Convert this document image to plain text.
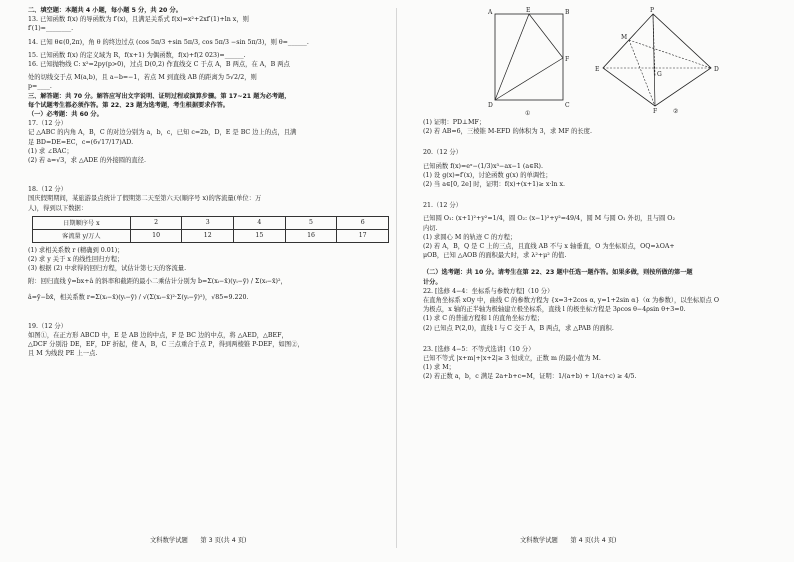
二、填空题：本题共 4 小题，每小题 5 分，共 20 分。
13. 已知函数 f(x) 的导函数为 f′(x)，且满足关系式 f(x)=x²+2xf′(1)+ln x，则
f′(1)=________.
14. 已知 θ∈(0,2π)，角 θ 的终边过点 (cos 5π/3 +sin 5π/3, cos 5π/3 −sin 5π/3)，则 θ=______.
15. 已知函数 f(x) 的定义域为 R，f(x+1) 为偶函数，f(x)+f(2 023)=______.
16. 已知抛物线 C: x²=2py(p>0)，过点 D(0,2) 作直线交 C 于点 A，B 两点，在 A，B 两点
处的切线交于点 M(a,b)，且 a−b=−1，若点 M 到直线 AB 的距离为 5√2/2，则
p=____.
三、解答题：共 70 分。解答应写出文字说明、证明过程或演算步骤。第 17~21 题为必考题，
每个试题考生都必须作答。第 22、23 题为选考题，考生根据要求作答。
（一）必考题：共 60 分。
17.（12 分）
记 △ABC 的内角 A，B，C 的对边分别为 a，b，c，已知 c=2b，D，E 是 BC 边上的点，且满
足 BD=DE=EC，c=(6√17/17)AD.
(1) 求 ∠BAC；
(2) 若 a=√3，求 △ADE 的外接圆的直径.
18.（12 分）
国庆假期期间，某旅游景点统计了假期第二天至第六天(顺序号 x)的客流量(单位：万
人)，得到以下数据：
日期顺序号 x	2	3	4	5	6
客流量 y/万人	10	12	15	16	17
(1) 求相关系数 r (精确到 0.01)；
(2) 求 y 关于 x 的线性回归方程；
(3) 根据 (2) 中求得的回归方程，试估计第七天的客流量.
附：回归直线 ŷ=b̂x+â 的斜率和截距的最小二乘估计分别为 b̂=Σ(xᵢ−x̄)(yᵢ−ȳ) / Σ(xᵢ−x̄)²，
â=ȳ−b̂x̄，相关系数 r=Σ(xᵢ−x̄)(yᵢ−ȳ) / √(Σ(xᵢ−x̄)²·Σ(yᵢ−ȳ)²)，√85≈9.220.
19.（12 分）
如图①，在正方形 ABCD 中，E 是 AB 边的中点，F 是 BC 边的中点，将 △AED，△BEF，
△DCF 分别沿 DE，EF，DF 折起，使 A，B，C 三点重合于点 P，得到两棱锥 P-DEF，如图②，
且 M 为线段 PE 上一点.
文科数学试题　　第 3 页(共 4 页)
A	E	B
D
F
C
①
P
M
E
G
D
F	②
(1) 证明：PD⊥MF；
(2) 若 AB=6，三棱锥 M-EFD 的体积为 3，求 MF 的长度.
20.（12 分）
已知函数 f(x)=eˣ−(1/3)x³−ax−1 (a∈R).
(1) 设 g(x)=f′(x)，讨论函数 g(x) 的单调性；
(2) 当 a∈[0, 2e] 时，证明：f(x)+(x+1)≥ x·ln x.
21.（12 分）
已知圆 O₁: (x+1)²+y²=1/4，圆 O₂: (x−1)²+y²=49/4，圆 M 与圆 O₁ 外切，且与圆 O₂
内切.
(1) 求圆心 M 的轨迹 C 的方程；
(2) 若 A，B，Q 是 C 上的三点，且直线 AB 不与 x 轴垂直，O 为坐标原点，OQ=λOA+
μOB，已知 △AOB 的面积最大时，求 λ²+μ² 的值.
（二）选考题：共 10 分。请考生在第 22、23 题中任选一题作答。如果多做，则按所做的第一题
计分。
22. [选修 4−4：坐标系与参数方程]（10 分）
在直角坐标系 xOy 中，曲线 C 的参数方程为 {x=3+2cos α, y=1+2sin α}（α 为参数），以坐标原点 O
为极点，x 轴的正半轴为极轴建立极坐标系，直线 l 的极坐标方程是 3ρcos θ−4ρsin θ+3=0.
(1) 求 C 的普通方程和 l 的直角坐标方程；
(2) 已知点 P(2,0)，直线 l 与 C 交于 A，B 两点，求 △PAB 的面积.
23. [选修 4−5：不等式选讲]（10 分）
已知不等式 |x+m|+|x+2|≥ 3 恒成立，正数 m 的最小值为 M.
(1) 求 M；
(2) 若正数 a，b，c 满足 2a+b+c=M，证明：1/(a+b) + 1/(a+c) ≥ 4/5.
文科数学试题　　第 4 页(共 4 页)
